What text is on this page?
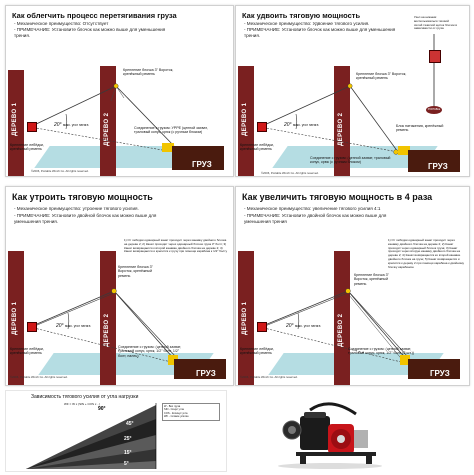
Как облегчить процесс перетягивания груза
- Механическое преимущество: Отсутствует
- ПРИМЕЧАНИЕ: Установите блочок как можно выше для уменьшения трения.
ДЕРЕВО 1	ДЕРЕВО 2
20° макс. угол натяга
ГРУЗ
Крепление блочка 3" Вороток, крепёжный ремень
Соединение с грузом: УРРЕ (цепной захват, траловый конус, крюк (с ручным блоком)
Крепление лебёдки, крепёжный ремень
©2006, Portable Winch Co. All rights reserved.
Как удвоить тяговую мощность
- Механическое преимущество: Удвоение тягового усилия.
- ПРИМЕЧАНИЕ: Установите блочок как можно выше для уменьшения трения.
Узел на нижнем: воспользоваться тяговой силой тяжёлой щиток блочок в зависимости от груза
ДЕРЕВО 1	ДЕРЕВО 2
PORTABLE WINCH
20° макс. угол натяга
ГРУЗ
Крепление блочка 3" Вороток, крепёжный ремень
Крепление лебёдки, крепёжный ремень
Соединение с грузом: (цепной захват, траловый конус, крюк (с ручным блоком)
Блок натяжения, крепёжный ремень
©2006, Portable Winch Co. All rights reserved.
Как утроить тяговую мощность
- Механическое преимущество: утроение тягового усилия.
- ПРИМЕЧАНИЕ: Установите двойной блочок как можно выше для уменьшения трения.
ДЕРЕВО 1	ДЕРЕВО 2
20° макс. угол натяга
ГРУЗ
Крепление блочка 3" Вороток, крепёжный ремень
Крепление лебёдки, крепёжный ремень
Соединение с грузом: (цепной захват, траловый конус, крюк, 1/2" болт, 1/2" болт, палец)
1) От лебёдки одинарный канат проходит через канавку двойного блочка на дереве 2; 2) Канат проходит через одинарный блочок груза 3" болт; 3) Канат возвращается к второй канавке двойного блочка на дереве 2; 4) Канат возвращается и крепится к грузу при помощи карабина к 1/2" болту
©2006, Portable Winch Co. All rights reserved.
Как увеличить тяговую мощность в 4 раза
- Механическое преимущество: увеличение тягового усилия 4:1
- ПРИМЕЧАНИЕ: Установите двойной блочок как можно выше для уменьшения трения
ДЕРЕВО 1	ДЕРЕВО 2
20° макс. угол натяга
ГРУЗ
Крепление блочка 3" Вороток, крепёжный ремень
Крепление лебёдки, крепёжный ремень
Соединение с грузом: (цепной захват, траловый конус, крюк, 1/2" болт (2 шт.))
1) От лебёдки одинарный канат проходит через канавку двойного блочка на дереве 2; 2) Канат проходит через одинарный блочок груза; 3) Канат проходит через вторую канавку двойного блочка на дереве 2; 4) Канат возвращается ко второй канавке двойного блочка на грузе; 5) Канат возвращается и крепится к дереву 2 при помощи карабина к двойному блочку карабином.
©2006, Portable Winch Co. All rights reserved.
Зависимость тягового усилия от угла нагрузки
WF = W x (SIN + COS x ..)
90°
45°
25°
15°
5°
W - Вес груза
SIN - Синус угла
COS - Косинус угла
WF - тяговое усилие
